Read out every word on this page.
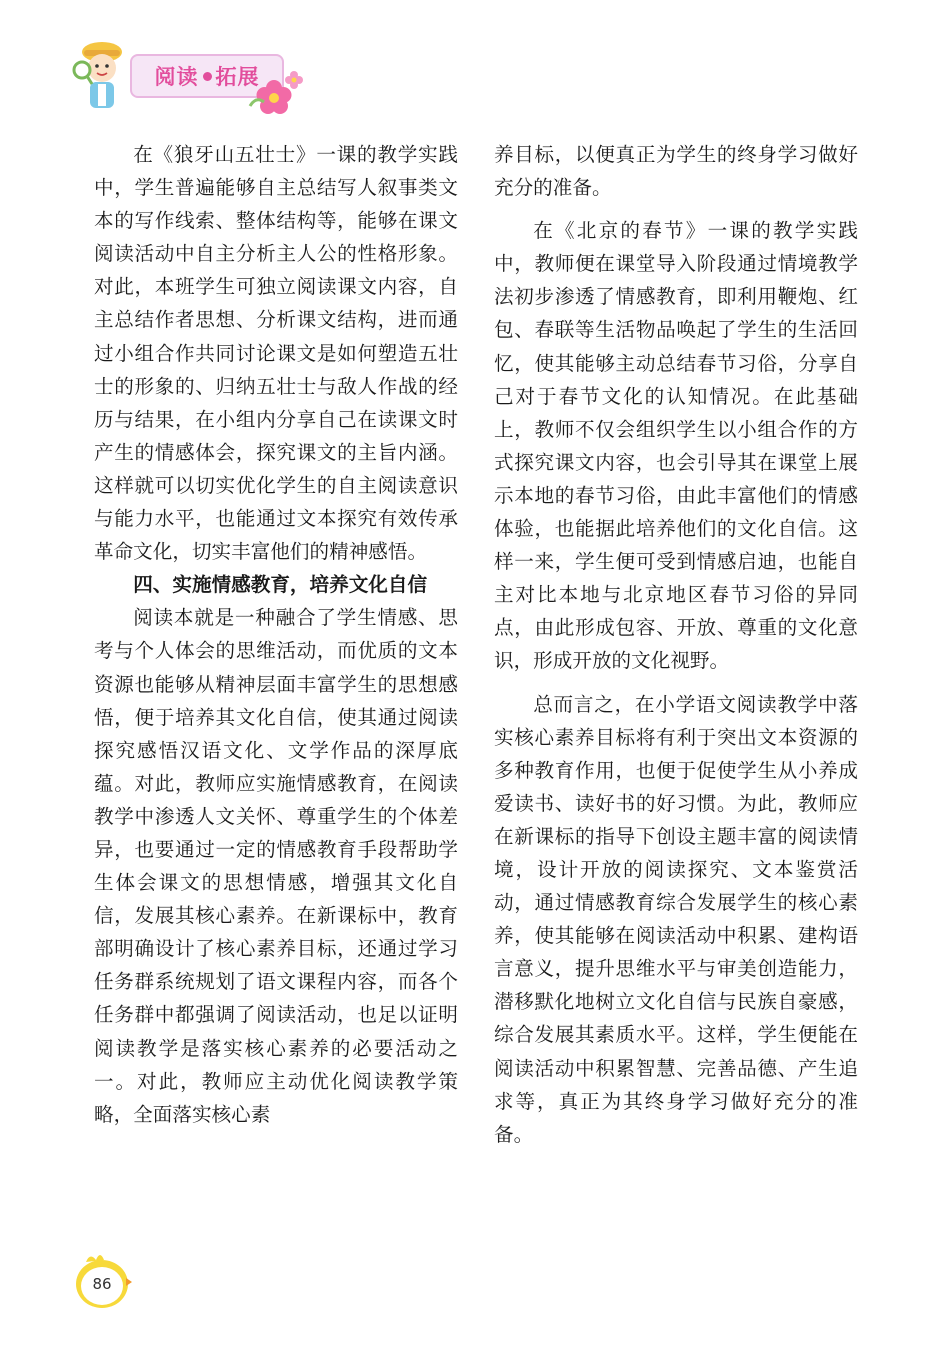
阅读 拓展

在《狼牙山五壮士》一课的教学实践中，学生普遍能够自主总结写人叙事类文本的写作线索、整体结构等，能够在课文阅读活动中自主分析主人公的性格形象。对此，本班学生可独立阅读课文内容，自主总结作者思想、分析课文结构，进而通过小组合作共同讨论课文是如何塑造五壮士的形象的、归纳五壮士与敌人作战的经历与结果，在小组内分享自己在读课文时产生的情感体会，探究课文的主旨内涵。这样就可以切实优化学生的自主阅读意识与能力水平，也能通过文本探究有效传承革命文化，切实丰富他们的精神感悟。

四、实施情感教育，培养文化自信

阅读本就是一种融合了学生情感、思考与个人体会的思维活动，而优质的文本资源也能够从精神层面丰富学生的思想感悟，便于培养其文化自信，使其通过阅读探究感悟汉语文化、文学作品的深厚底蕴。对此，教师应实施情感教育，在阅读教学中渗透人文关怀、尊重学生的个体差异，也要通过一定的情感教育手段帮助学生体会课文的思想情感，增强其文化自信，发展其核心素养。在新课标中，教育部明确设计了核心素养目标，还通过学习任务群系统规划了语文课程内容，而各个任务群中都强调了阅读活动，也足以证明阅读教学是落实核心素养的必要活动之一。对此，教师应主动优化阅读教学策略，全面落实核心素

养目标，以便真正为学生的终身学习做好充分的准备。

在《北京的春节》一课的教学实践中，教师便在课堂导入阶段通过情境教学法初步渗透了情感教育，即利用鞭炮、红包、春联等生活物品唤起了学生的生活回忆，使其能够主动总结春节习俗，分享自己对于春节文化的认知情况。在此基础上，教师不仅会组织学生以小组合作的方式探究课文内容，也会引导其在课堂上展示本地的春节习俗，由此丰富他们的情感体验，也能据此培养他们的文化自信。这样一来，学生便可受到情感启迪，也能自主对比本地与北京地区春节习俗的异同点，由此形成包容、开放、尊重的文化意识，形成开放的文化视野。

总而言之，在小学语文阅读教学中落实核心素养目标将有利于突出文本资源的多种教育作用，也便于促使学生从小养成爱读书、读好书的好习惯。为此，教师应在新课标的指导下创设主题丰富的阅读情境，设计开放的阅读探究、文本鉴赏活动，通过情感教育综合发展学生的核心素养，使其能够在阅读活动中积累、建构语言意义，提升思维水平与审美创造能力，潜移默化地树立文化自信与民族自豪感，综合发展其素质水平。这样，学生便能在阅读活动中积累智慧、完善品德、产生追求等，真正为其终身学习做好充分的准备。

86
